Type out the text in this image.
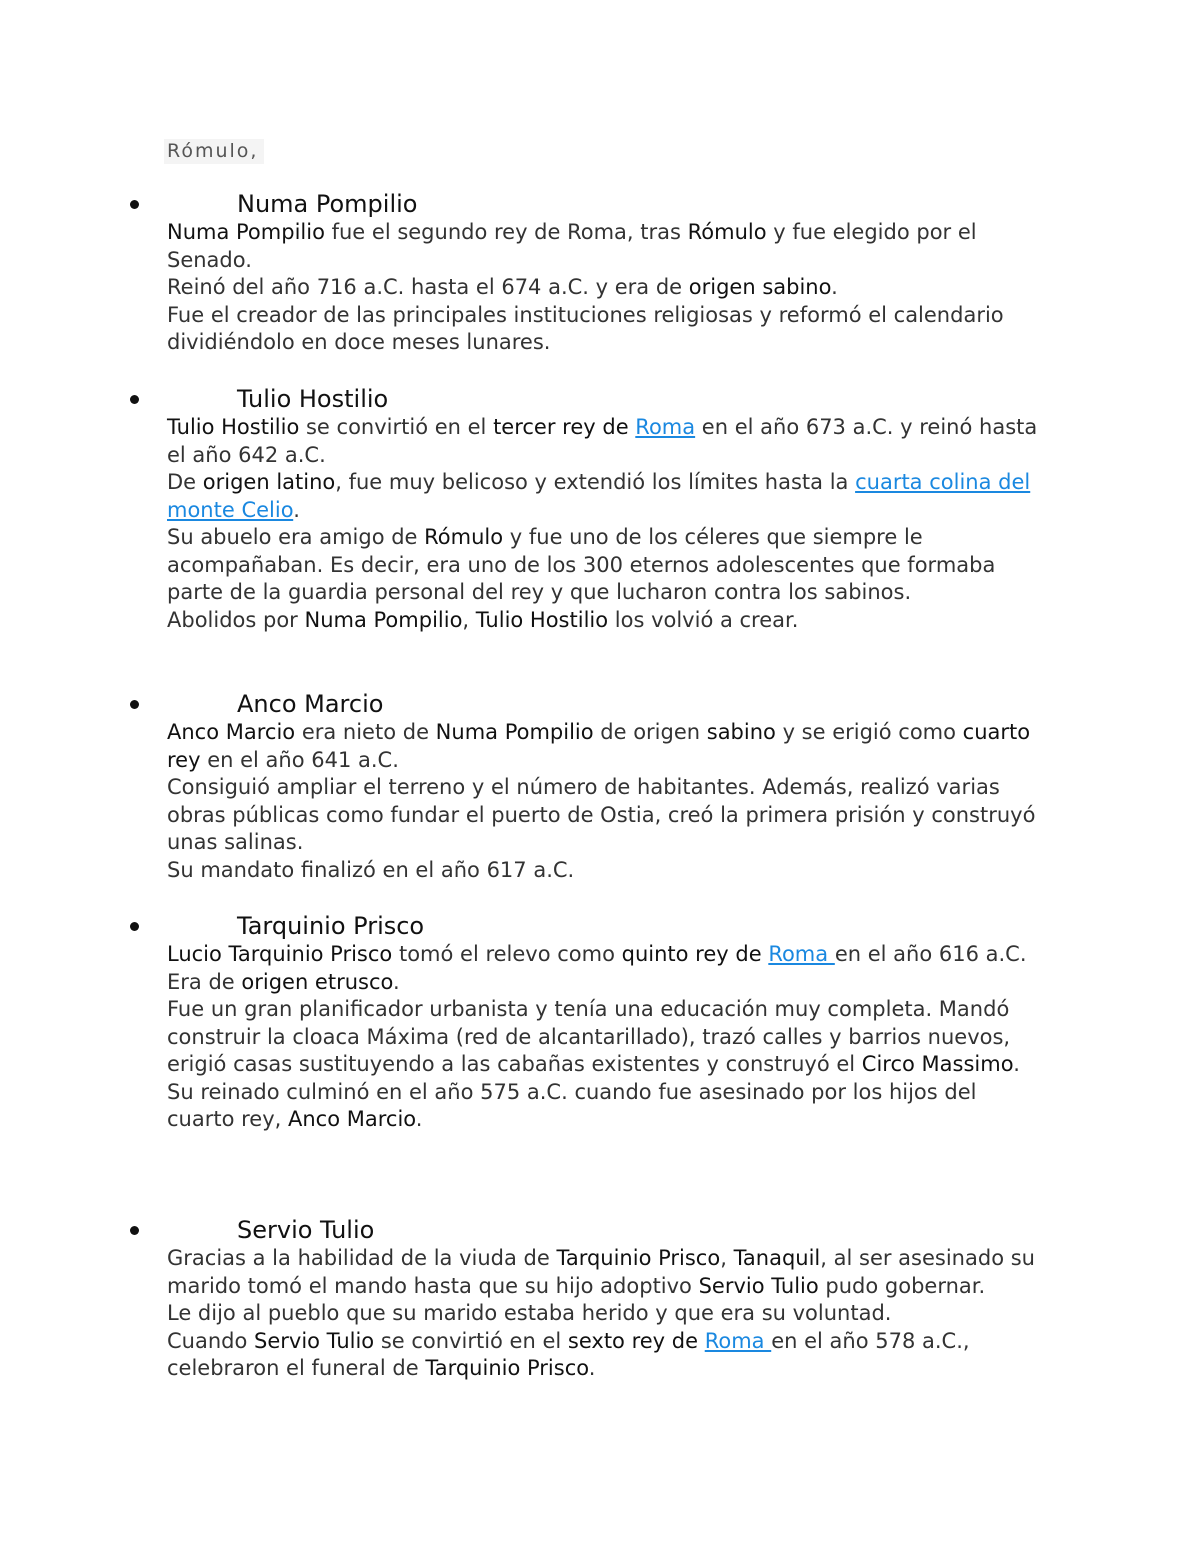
Rómulo,
Numa Pompilio

Numa Pompilio fue el segundo rey de Roma, tras Rómulo y fue elegido por el Senado.

Reinó del año 716 a.C. hasta el 674 a.C. y era de origen sabino.

Fue el creador de las principales instituciones religiosas y reformó el calendario dividiéndolo en doce meses lunares.

Tulio Hostilio

Tulio Hostilio se convirtió en el tercer rey de Roma en el año 673 a.C. y reinó hasta el año 642 a.C.

De origen latino, fue muy belicoso y extendió los límites hasta la cuarta colina del monte Celio.

Su abuelo era amigo de Rómulo y fue uno de los céleres que siempre le acompañaban. Es decir, era uno de los 300 eternos adolescentes que formaba parte de la guardia personal del rey y que lucharon contra los sabinos.

Abolidos por Numa Pompilio, Tulio Hostilio los volvió a crear.

Anco Marcio

Anco Marcio era nieto de Numa Pompilio de origen sabino y se erigió como cuarto rey en el año 641 a.C.

Consiguió ampliar el terreno y el número de habitantes. Además, realizó varias obras públicas como fundar el puerto de Ostia, creó la primera prisión y construyó unas salinas.

Su mandato finalizó en el año 617 a.C.

Tarquinio Prisco

Lucio Tarquinio Prisco tomó el relevo como quinto rey de Roma en el año 616 a.C.

Era de origen etrusco.

Fue un gran planificador urbanista y tenía una educación muy completa. Mandó construir la cloaca Máxima (red de alcantarillado), trazó calles y barrios nuevos, erigió casas sustituyendo a las cabañas existentes y construyó el Circo Massimo.

Su reinado culminó en el año 575 a.C. cuando fue asesinado por los hijos del cuarto rey, Anco Marcio.

Servio Tulio

Gracias a la habilidad de la viuda de Tarquinio Prisco, Tanaquil, al ser asesinado su marido tomó el mando hasta que su hijo adoptivo Servio Tulio pudo gobernar.

Le dijo al pueblo que su marido estaba herido y que era su voluntad.

Cuando Servio Tulio se convirtió en el sexto rey de Roma en el año 578 a.C., celebraron el funeral de Tarquinio Prisco.
